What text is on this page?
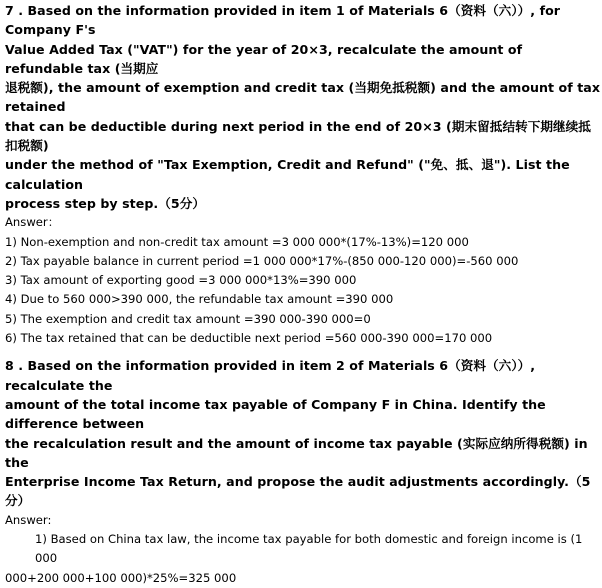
7 . Based on the information provided in item 1 of Materials 6（资料（六））, for Company F's

Value Added Tax ("VAT") for the year of 20×3, recalculate the amount of refundable tax (当期应

退税额), the amount of exemption and credit tax (当期免抵税额) and the amount of tax retained

that can be deductible during next period in the end of 20×3 (期末留抵结转下期继续抵扣税额)

under the method of "Tax Exemption, Credit and Refund" ("免、抵、退"). List the calculation

process step by step.（5分）

Answer：

1) Non-exemption and non-credit tax amount =3 000 000*(17%-13%)=120 000

2) Tax payable balance in current period =1 000 000*17%-(850 000-120 000)=-560 000

3) Tax amount of exporting good =3 000 000*13%=390 000

4) Due to 560 000>390 000, the refundable tax amount =390 000

5) The exemption and credit tax amount =390 000-390 000=0

6) The tax retained that can be deductible next period =560 000-390 000=170 000

8 . Based on the information provided in item 2 of Materials 6（资料（六））, recalculate the

amount of the total income tax payable of Company F in China. Identify the difference between

the recalculation result and the amount of income tax payable (实际应纳所得税额) in the

Enterprise Income Tax Return, and propose the audit adjustments accordingly.（5分）

Answer:

1) Based on China tax law, the income tax payable for both domestic and foreign income is (1 000

000+200 000+100 000)*25%=325 000
